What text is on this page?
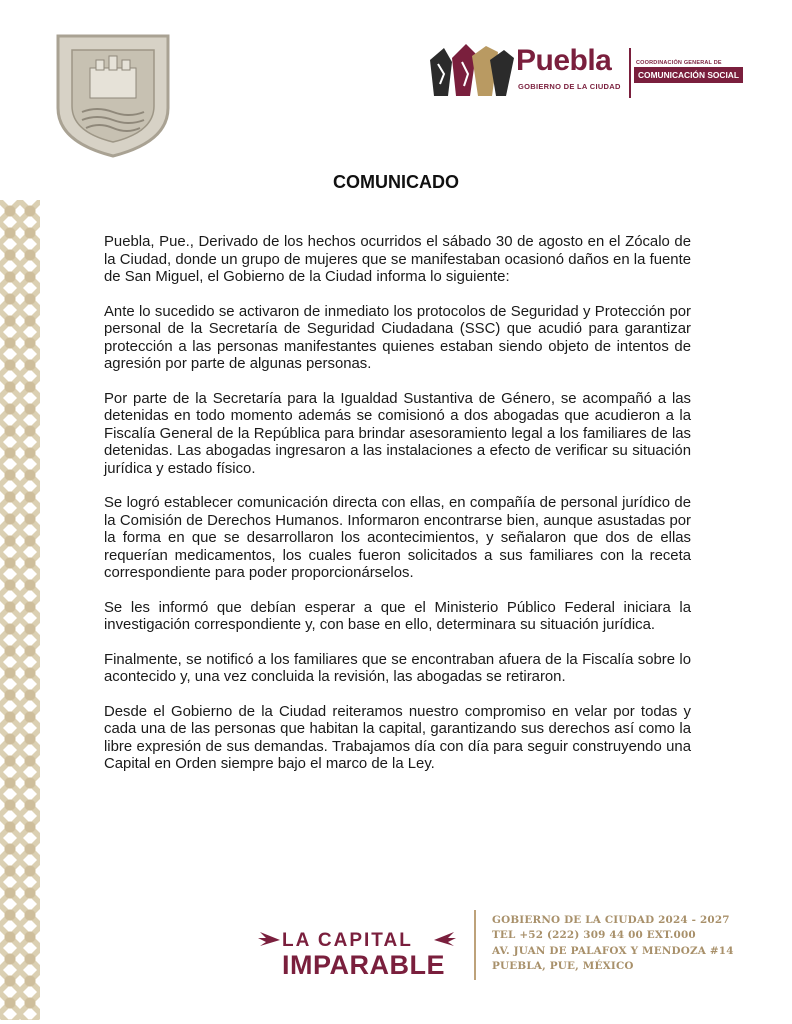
Puebla
GOBIERNO DE LA CIUDAD
COORDINACIÓN GENERAL DE
COMUNICACIÓN SOCIAL
COMUNICADO

Puebla, Pue., Derivado de los hechos ocurridos el sábado 30 de agosto en el Zócalo de la Ciudad, donde un grupo de mujeres que se manifestaban ocasionó daños en la fuente de San Miguel, el Gobierno de la Ciudad informa lo siguiente:

Ante lo sucedido se activaron de inmediato los protocolos de Seguridad y Protección por personal de la Secretaría de Seguridad Ciudadana (SSC) que acudió para garantizar protección a las personas manifestantes quienes estaban siendo objeto de intentos de agresión por parte de algunas personas.

Por parte de la Secretaría para la Igualdad Sustantiva de Género, se acompañó a las detenidas en todo momento además se comisionó a dos abogadas que acudieron a la Fiscalía General de la República para brindar asesoramiento legal a los familiares de las detenidas. Las abogadas ingresaron a las instalaciones a efecto de verificar su situación jurídica y estado físico.

Se logró establecer comunicación directa con ellas, en compañía de personal jurídico de la Comisión de Derechos Humanos. Informaron encontrarse bien, aunque asustadas por la forma en que se desarrollaron los acontecimientos, y señalaron que dos de ellas requerían medicamentos, los cuales fueron solicitados a sus familiares con la receta correspondiente para poder proporcionárselos.

Se les informó que debían esperar a que el Ministerio Público Federal iniciara la investigación correspondiente y, con base en ello, determinara su situación jurídica.

Finalmente, se notificó a los familiares que se encontraban afuera de la Fiscalía sobre lo acontecido y, una vez concluida la revisión, las abogadas se retiraron.

Desde el Gobierno de la Ciudad reiteramos nuestro compromiso en velar por todas y cada una de las personas que habitan la capital, garantizando sus derechos así como la libre expresión de sus demandas. Trabajamos día con día para seguir construyendo una Capital en Orden siempre bajo el marco de la Ley.

LA CAPITAL
IMPARABLE
GOBIERNO DE LA CIUDAD 2024 - 2027
TEL +52 (222) 309 44 00 EXT.000
AV. JUAN DE PALAFOX Y MENDOZA #14
PUEBLA, PUE, MÉXICO
